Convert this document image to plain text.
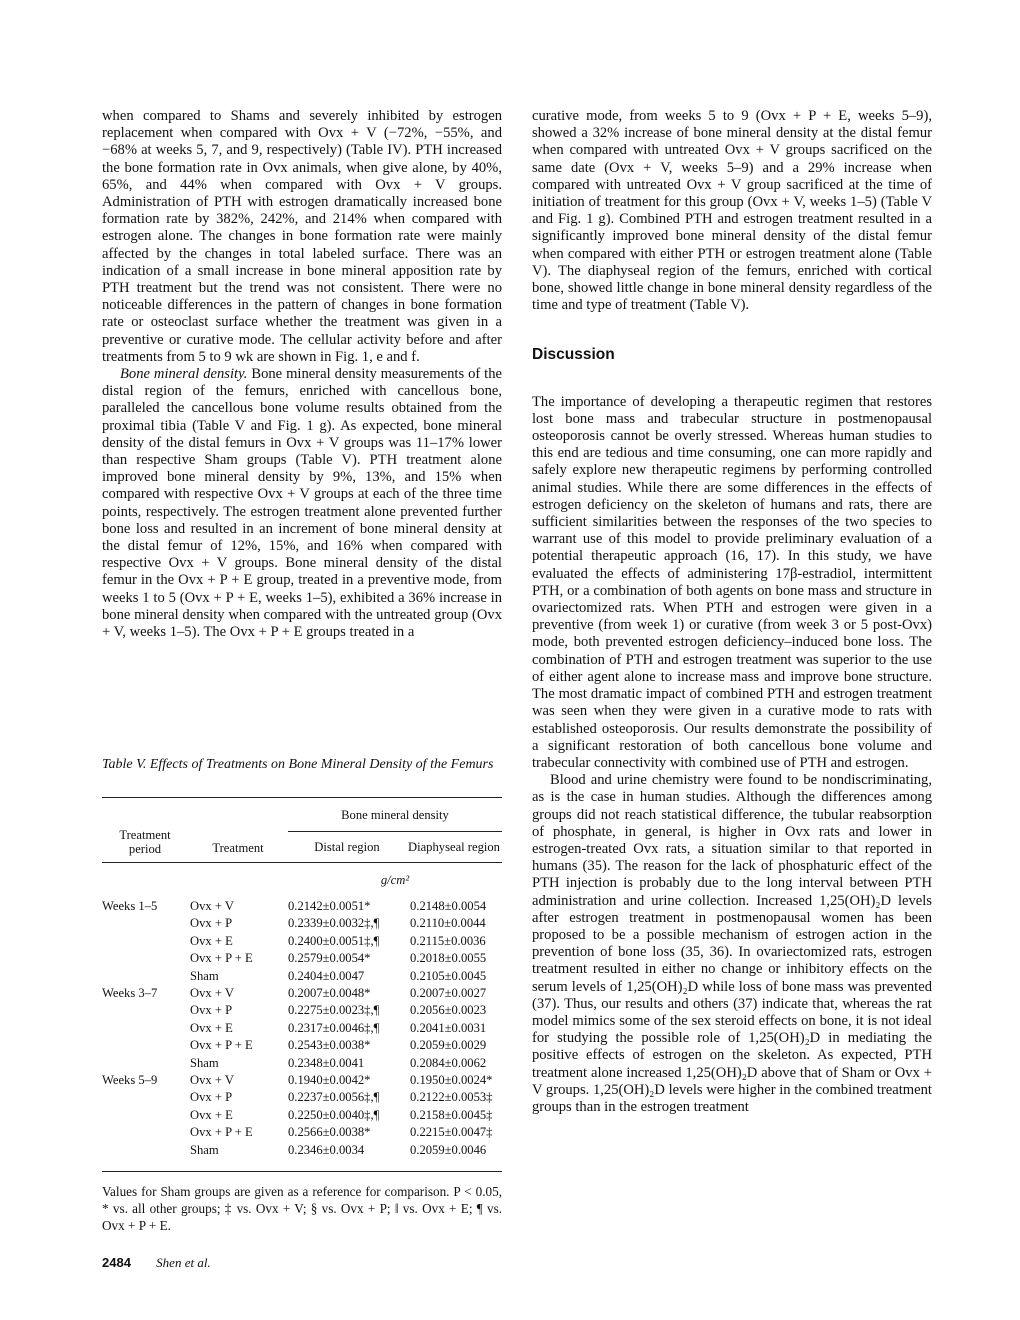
when compared to Shams and severely inhibited by estrogen replacement when compared with Ovx + V (−72%, −55%, and −68% at weeks 5, 7, and 9, respectively) (Table IV). PTH increased the bone formation rate in Ovx animals, when give alone, by 40%, 65%, and 44% when compared with Ovx + V groups. Administration of PTH with estrogen dramatically increased bone formation rate by 382%, 242%, and 214% when compared with estrogen alone. The changes in bone formation rate were mainly affected by the changes in total labeled surface. There was an indication of a small increase in bone mineral apposition rate by PTH treatment but the trend was not consistent. There were no noticeable differences in the pattern of changes in bone formation rate or osteoclast surface whether the treatment was given in a preventive or curative mode. The cellular activity before and after treatments from 5 to 9 wk are shown in Fig. 1, e and f.

Bone mineral density. Bone mineral density measurements of the distal region of the femurs, enriched with cancellous bone, paralleled the cancellous bone volume results obtained from the proximal tibia (Table V and Fig. 1 g). As expected, bone mineral density of the distal femurs in Ovx + V groups was 11–17% lower than respective Sham groups (Table V). PTH treatment alone improved bone mineral density by 9%, 13%, and 15% when compared with respective Ovx + V groups at each of the three time points, respectively. The estrogen treatment alone prevented further bone loss and resulted in an increment of bone mineral density at the distal femur of 12%, 15%, and 16% when compared with respective Ovx + V groups. Bone mineral density of the distal femur in the Ovx + P + E group, treated in a preventive mode, from weeks 1 to 5 (Ovx + P + E, weeks 1–5), exhibited a 36% increase in bone mineral density when compared with the untreated group (Ovx + V, weeks 1–5). The Ovx + P + E groups treated in a

Table V. Effects of Treatments on Bone Mineral Density of the Femurs
Treatment period	Treatment	Bone mineral density	
		Distal region	Diaphyseal region
		g/cm²	
Weeks 1–5	Ovx + V	0.2142±0.0051*	0.2148±0.0054
	Ovx + P	0.2339±0.0032‡,¶	0.2110±0.0044
	Ovx + E	0.2400±0.0051‡,¶	0.2115±0.0036
	Ovx + P + E	0.2579±0.0054*	0.2018±0.0055
	Sham	0.2404±0.0047	0.2105±0.0045
Weeks 3–7	Ovx + V	0.2007±0.0048*	0.2007±0.0027
	Ovx + P	0.2275±0.0023‡,¶	0.2056±0.0023
	Ovx + E	0.2317±0.0046‡,¶	0.2041±0.0031
	Ovx + P + E	0.2543±0.0038*	0.2059±0.0029
	Sham	0.2348±0.0041	0.2084±0.0062
Weeks 5–9	Ovx + V	0.1940±0.0042*	0.1950±0.0024*
	Ovx + P	0.2237±0.0056‡,¶	0.2122±0.0053‡
	Ovx + E	0.2250±0.0040‡,¶	0.2158±0.0045‡
	Ovx + P + E	0.2566±0.0038*	0.2215±0.0047‡
	Sham	0.2346±0.0034	0.2059±0.0046
Values for Sham groups are given as a reference for comparison. P < 0.05, * vs. all other groups; ‡ vs. Ovx + V; § vs. Ovx + P; ‖ vs. Ovx + E; ¶ vs. Ovx + P + E.
2484 Shen et al.

curative mode, from weeks 5 to 9 (Ovx + P + E, weeks 5–9), showed a 32% increase of bone mineral density at the distal femur when compared with untreated Ovx + V groups sacrificed on the same date (Ovx + V, weeks 5–9) and a 29% increase when compared with untreated Ovx + V group sacrificed at the time of initiation of treatment for this group (Ovx + V, weeks 1–5) (Table V and Fig. 1 g). Combined PTH and estrogen treatment resulted in a significantly improved bone mineral density of the distal femur when compared with either PTH or estrogen treatment alone (Table V). The diaphyseal region of the femurs, enriched with cortical bone, showed little change in bone mineral density regardless of the time and type of treatment (Table V).

Discussion

The importance of developing a therapeutic regimen that restores lost bone mass and trabecular structure in postmenopausal osteoporosis cannot be overly stressed. Whereas human studies to this end are tedious and time consuming, one can more rapidly and safely explore new therapeutic regimens by performing controlled animal studies. While there are some differences in the effects of estrogen deficiency on the skeleton of humans and rats, there are sufficient similarities between the responses of the two species to warrant use of this model to provide preliminary evaluation of a potential therapeutic approach (16, 17). In this study, we have evaluated the effects of administering 17β-estradiol, intermittent PTH, or a combination of both agents on bone mass and structure in ovariectomized rats. When PTH and estrogen were given in a preventive (from week 1) or curative (from week 3 or 5 post-Ovx) mode, both prevented estrogen deficiency–induced bone loss. The combination of PTH and estrogen treatment was superior to the use of either agent alone to increase mass and improve bone structure. The most dramatic impact of combined PTH and estrogen treatment was seen when they were given in a curative mode to rats with established osteoporosis. Our results demonstrate the possibility of a significant restoration of both cancellous bone volume and trabecular connectivity with combined use of PTH and estrogen.

Blood and urine chemistry were found to be nondiscriminating, as is the case in human studies. Although the differences among groups did not reach statistical difference, the tubular reabsorption of phosphate, in general, is higher in Ovx rats and lower in estrogen-treated Ovx rats, a situation similar to that reported in humans (35). The reason for the lack of phosphaturic effect of the PTH injection is probably due to the long interval between PTH administration and urine collection. Increased 1,25(OH)₂D levels after estrogen treatment in postmenopausal women has been proposed to be a possible mechanism of estrogen action in the prevention of bone loss (35, 36). In ovariectomized rats, estrogen treatment resulted in either no change or inhibitory effects on the serum levels of 1,25(OH)₂D while loss of bone mass was prevented (37). Thus, our results and others (37) indicate that, whereas the rat model mimics some of the sex steroid effects on bone, it is not ideal for studying the possible role of 1,25(OH)₂D in mediating the positive effects of estrogen on the skeleton. As expected, PTH treatment alone increased 1,25(OH)₂D above that of Sham or Ovx + V groups. 1,25(OH)₂D levels were higher in the combined treatment groups than in the estrogen treatment
